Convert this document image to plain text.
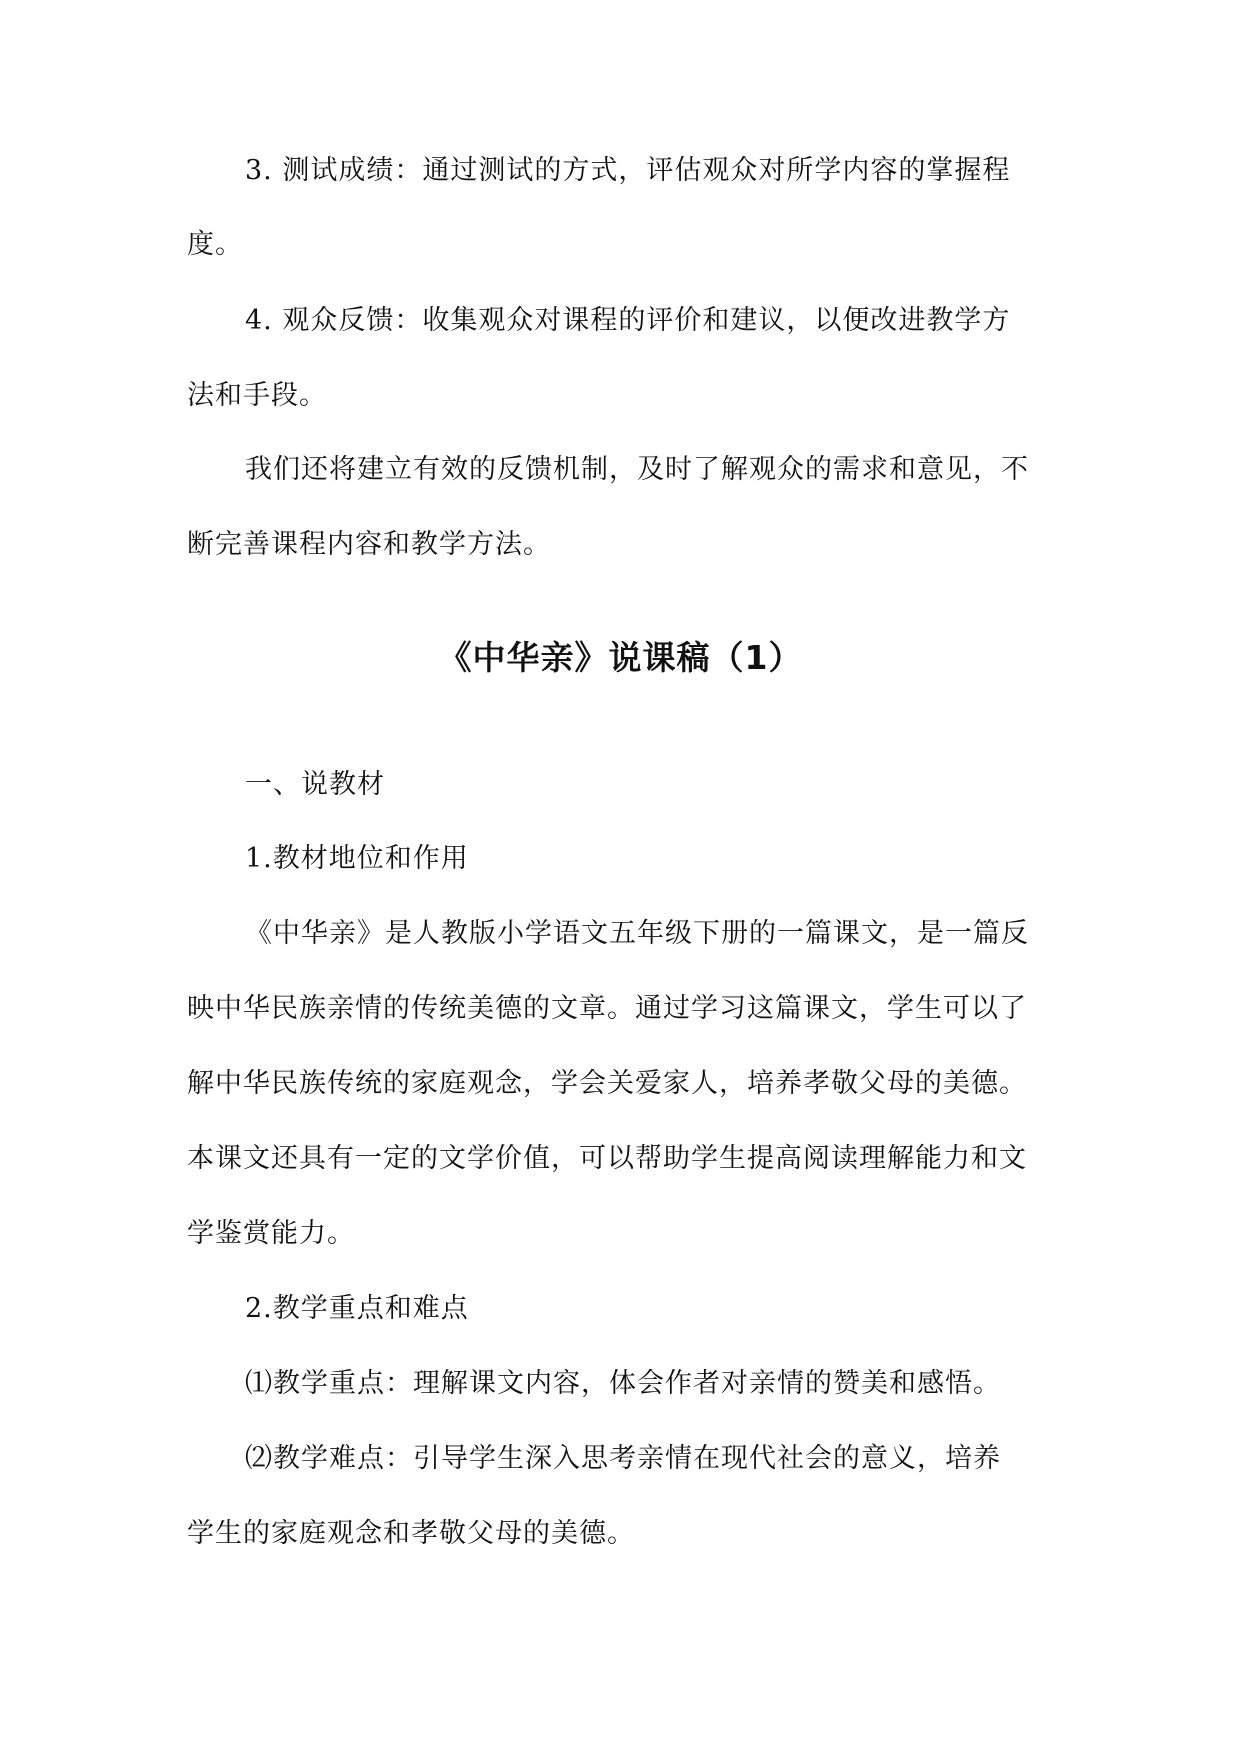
3. 测试成绩：通过测试的方式，评估观众对所学内容的掌握程
度。
4. 观众反馈：收集观众对课程的评价和建议，以便改进教学方
法和手段。
我们还将建立有效的反馈机制，及时了解观众的需求和意见，不
断完善课程内容和教学方法。
《中华亲》说课稿（1）
一、说教材
1.教材地位和作用
《中华亲》是人教版小学语文五年级下册的一篇课文，是一篇反
映中华民族亲情的传统美德的文章。通过学习这篇课文，学生可以了
解中华民族传统的家庭观念，学会关爱家人，培养孝敬父母的美德。
本课文还具有一定的文学价值，可以帮助学生提高阅读理解能力和文
学鉴赏能力。
2.教学重点和难点
⑴教学重点：理解课文内容，体会作者对亲情的赞美和感悟。
⑵教学难点：引导学生深入思考亲情在现代社会的意义，培养
学生的家庭观念和孝敬父母的美德。
